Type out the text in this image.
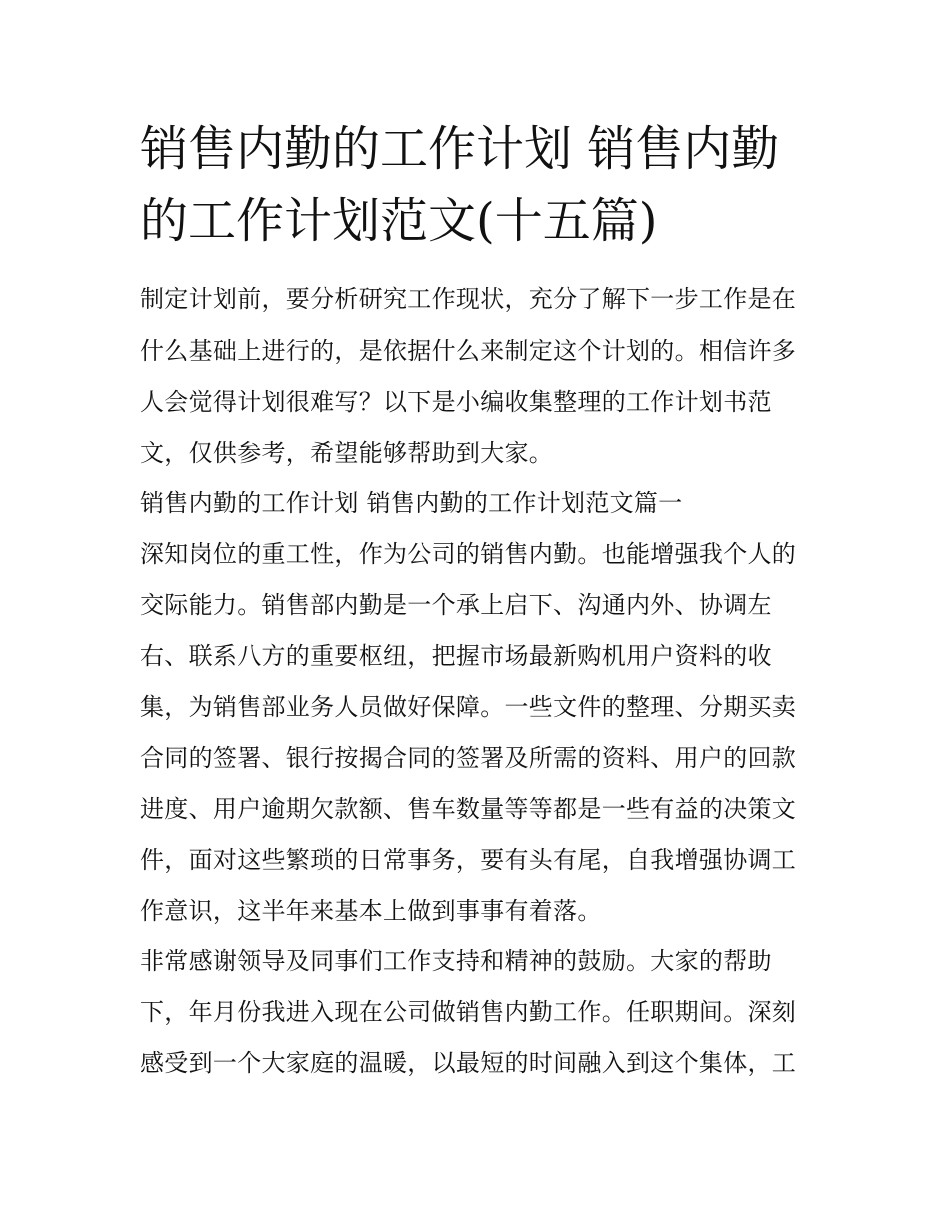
销售内勤的工作计划 销售内勤
的工作计划范文(十五篇)

制定计划前，要分析研究工作现状，充分了解下一步工作是在

什么基础上进行的，是依据什么来制定这个计划的。相信许多

人会觉得计划很难写？以下是小编收集整理的工作计划书范

文，仅供参考，希望能够帮助到大家。

销售内勤的工作计划 销售内勤的工作计划范文篇一

深知岗位的重工性，作为公司的销售内勤。也能增强我个人的

交际能力。销售部内勤是一个承上启下、沟通内外、协调左

右、联系八方的重要枢纽，把握市场最新购机用户资料的收

集，为销售部业务人员做好保障。一些文件的整理、分期买卖

合同的签署、银行按揭合同的签署及所需的资料、用户的回款

进度、用户逾期欠款额、售车数量等等都是一些有益的决策文

件，面对这些繁琐的日常事务，要有头有尾，自我增强协调工

作意识，这半年来基本上做到事事有着落。

非常感谢领导及同事们工作支持和精神的鼓励。大家的帮助

下，年月份我进入现在公司做销售内勤工作。任职期间。深刻

感受到一个大家庭的温暖，以最短的时间融入到这个集体，工
